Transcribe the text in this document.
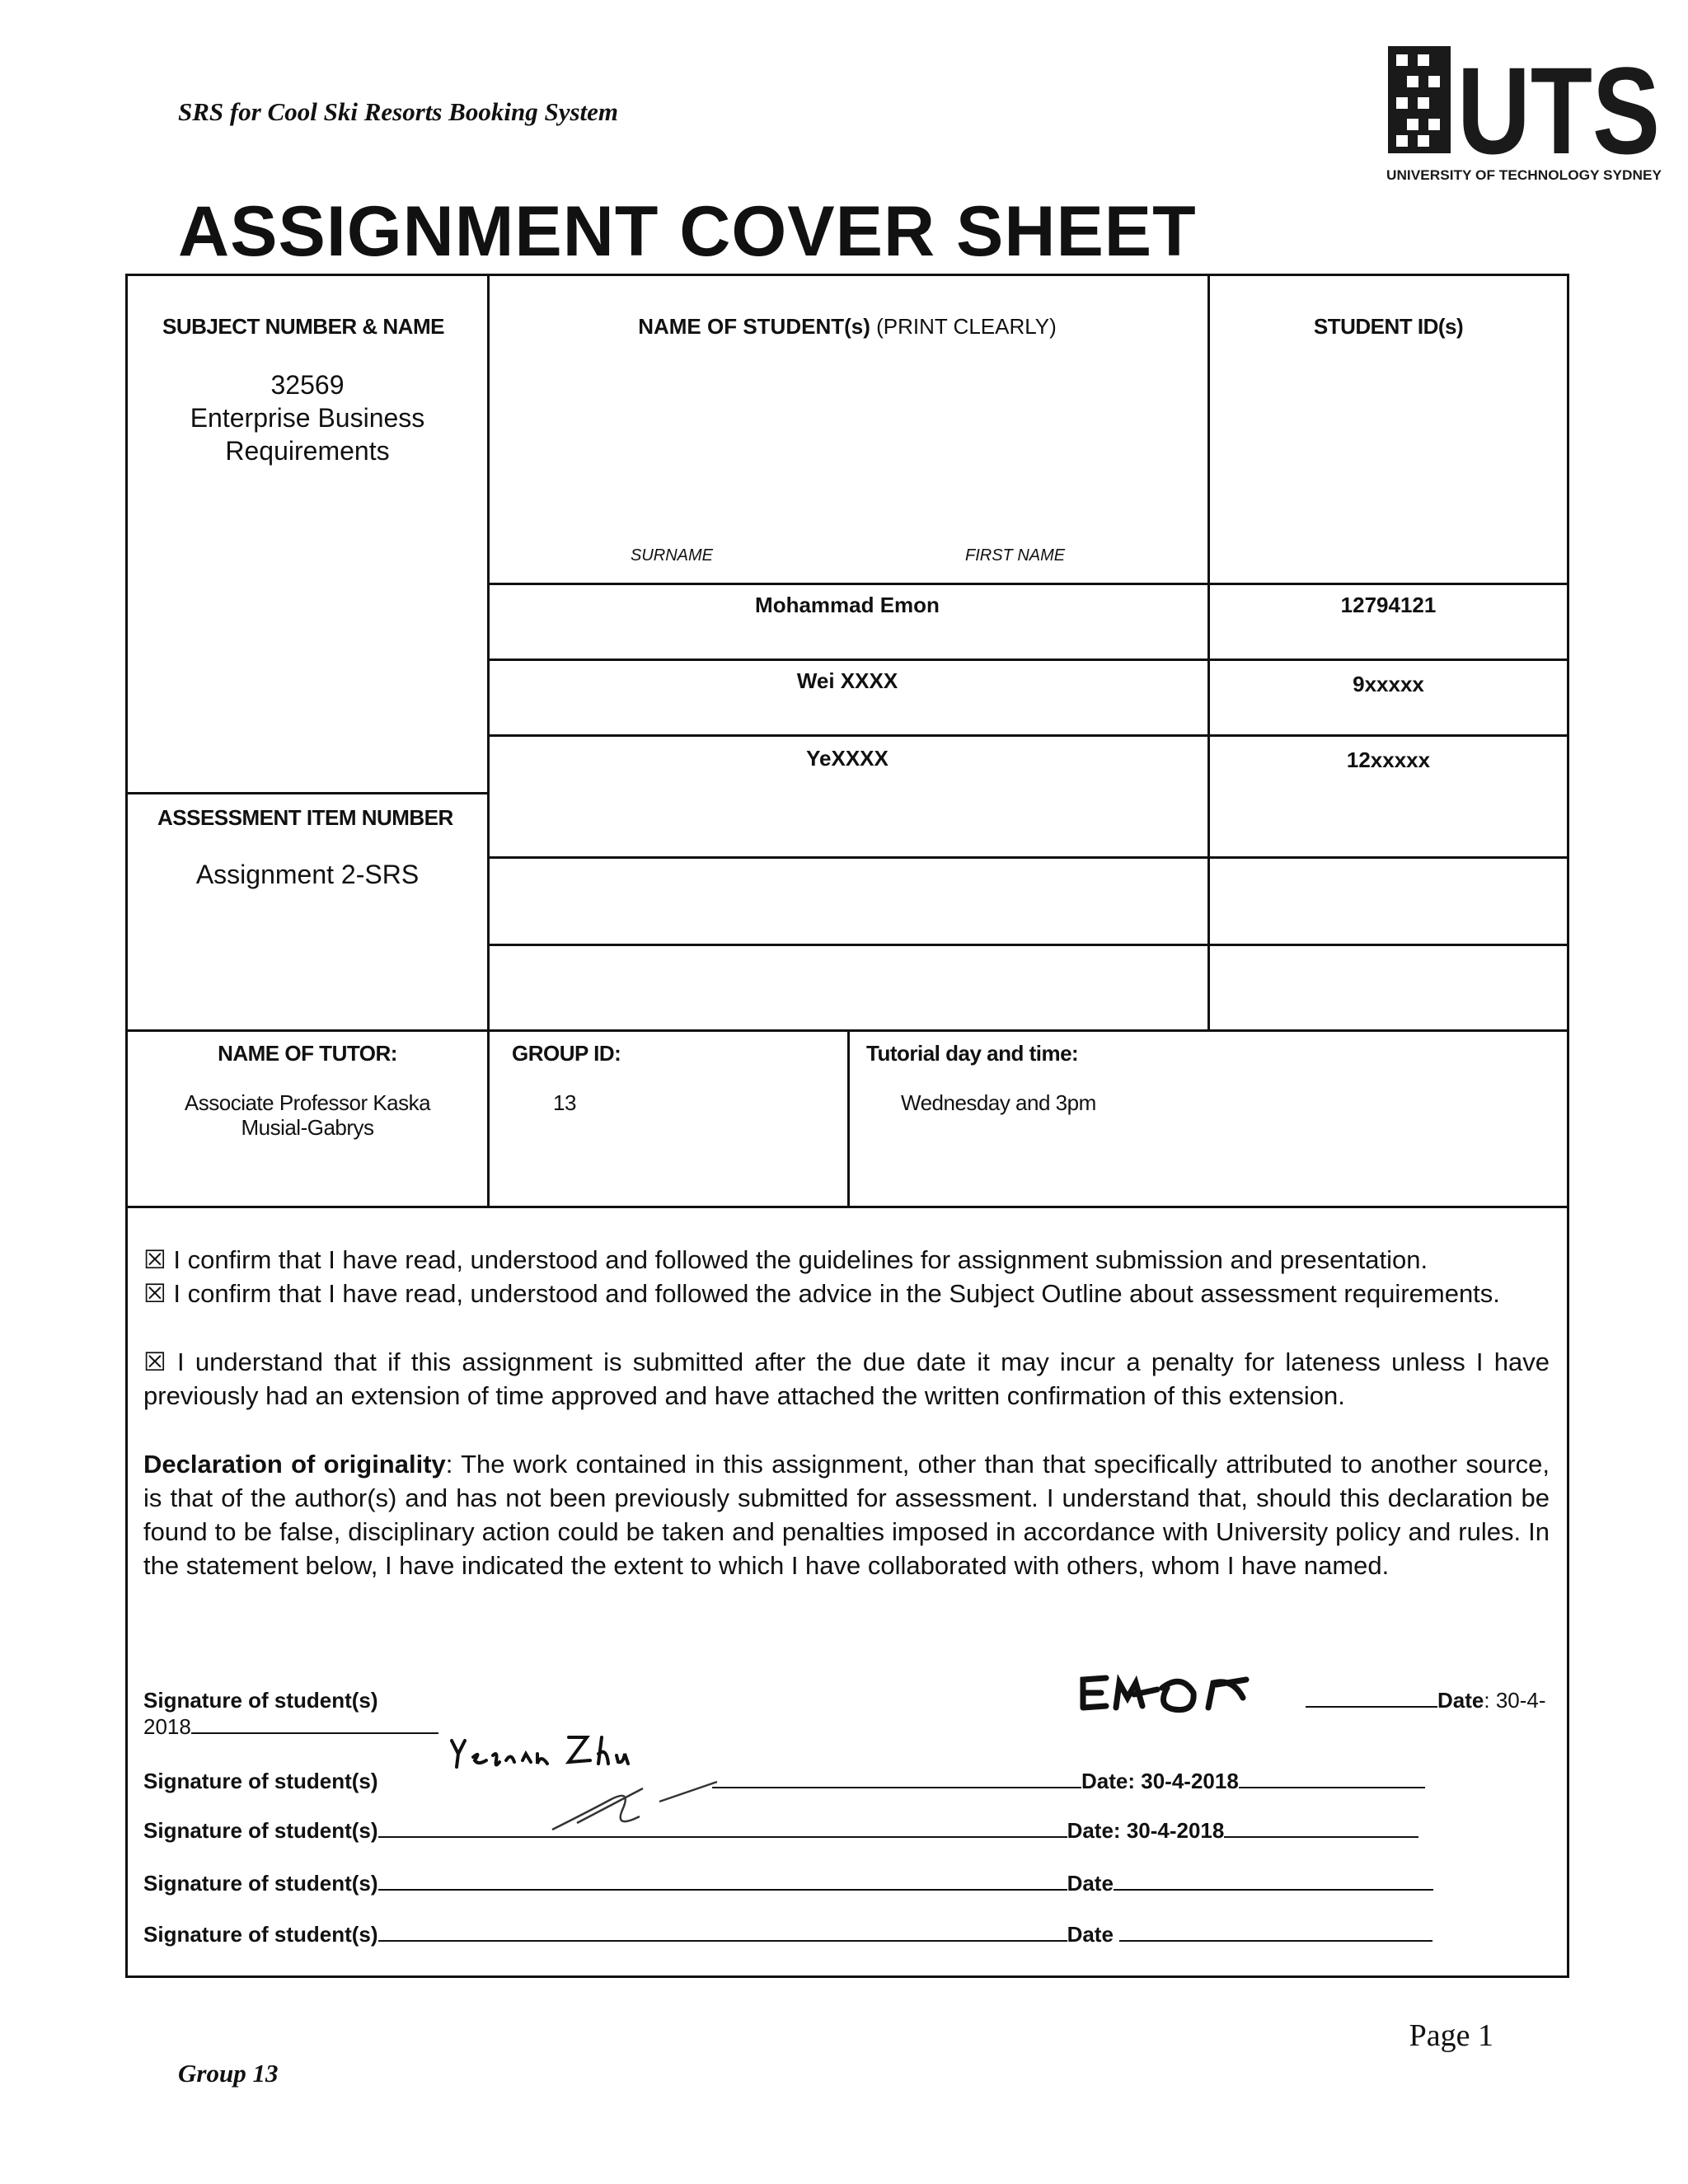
SRS for Cool Ski Resorts Booking System	UTS
UNIVERSITY OF TECHNOLOGY SYDNEY
ASSIGNMENT COVER SHEET
SUBJECT NUMBER & NAME
32569
Enterprise Business
Requirements
NAME OF STUDENT(s) (PRINT CLEARLY)	STUDENT ID(s)
SURNAME	FIRST NAME
Mohammad Emon	12794121
Wei XXXX	9xxxxx
YeXXXX	12xxxxx
ASSESSMENT ITEM NUMBER
Assignment 2-SRS
NAME OF TUTOR:
Associate Professor Kaska
Musial-Gabrys
GROUP ID:
13
Tutorial day and time:
Wednesday and 3pm
☒ I confirm that I have read, understood and followed the guidelines for assignment submission and presentation.
☒ I confirm that I have read, understood and followed the advice in the Subject Outline about assessment requirements.
☒ I understand that if this assignment is submitted after the due date it may incur a penalty for lateness unless I have previously had an extension of time approved and have attached the written confirmation of this extension.
Declaration of originality: The work contained in this assignment, other than that specifically attributed to another source, is that of the author(s) and has not been previously submitted for assessment. I understand that, should this declaration be found to be false, disciplinary action could be taken and penalties imposed in accordance with University policy and rules. In the statement below, I have indicated the extent to which I have collaborated with others, whom I have named.
Signature of student(s)	Date: 30-4-
2018
Signature of student(s)	Date: 30-4-2018
Signature of student(s)	Date: 30-4-2018
Signature of student(s)	Date
Signature of student(s)	Date
Page 1
Group 13
